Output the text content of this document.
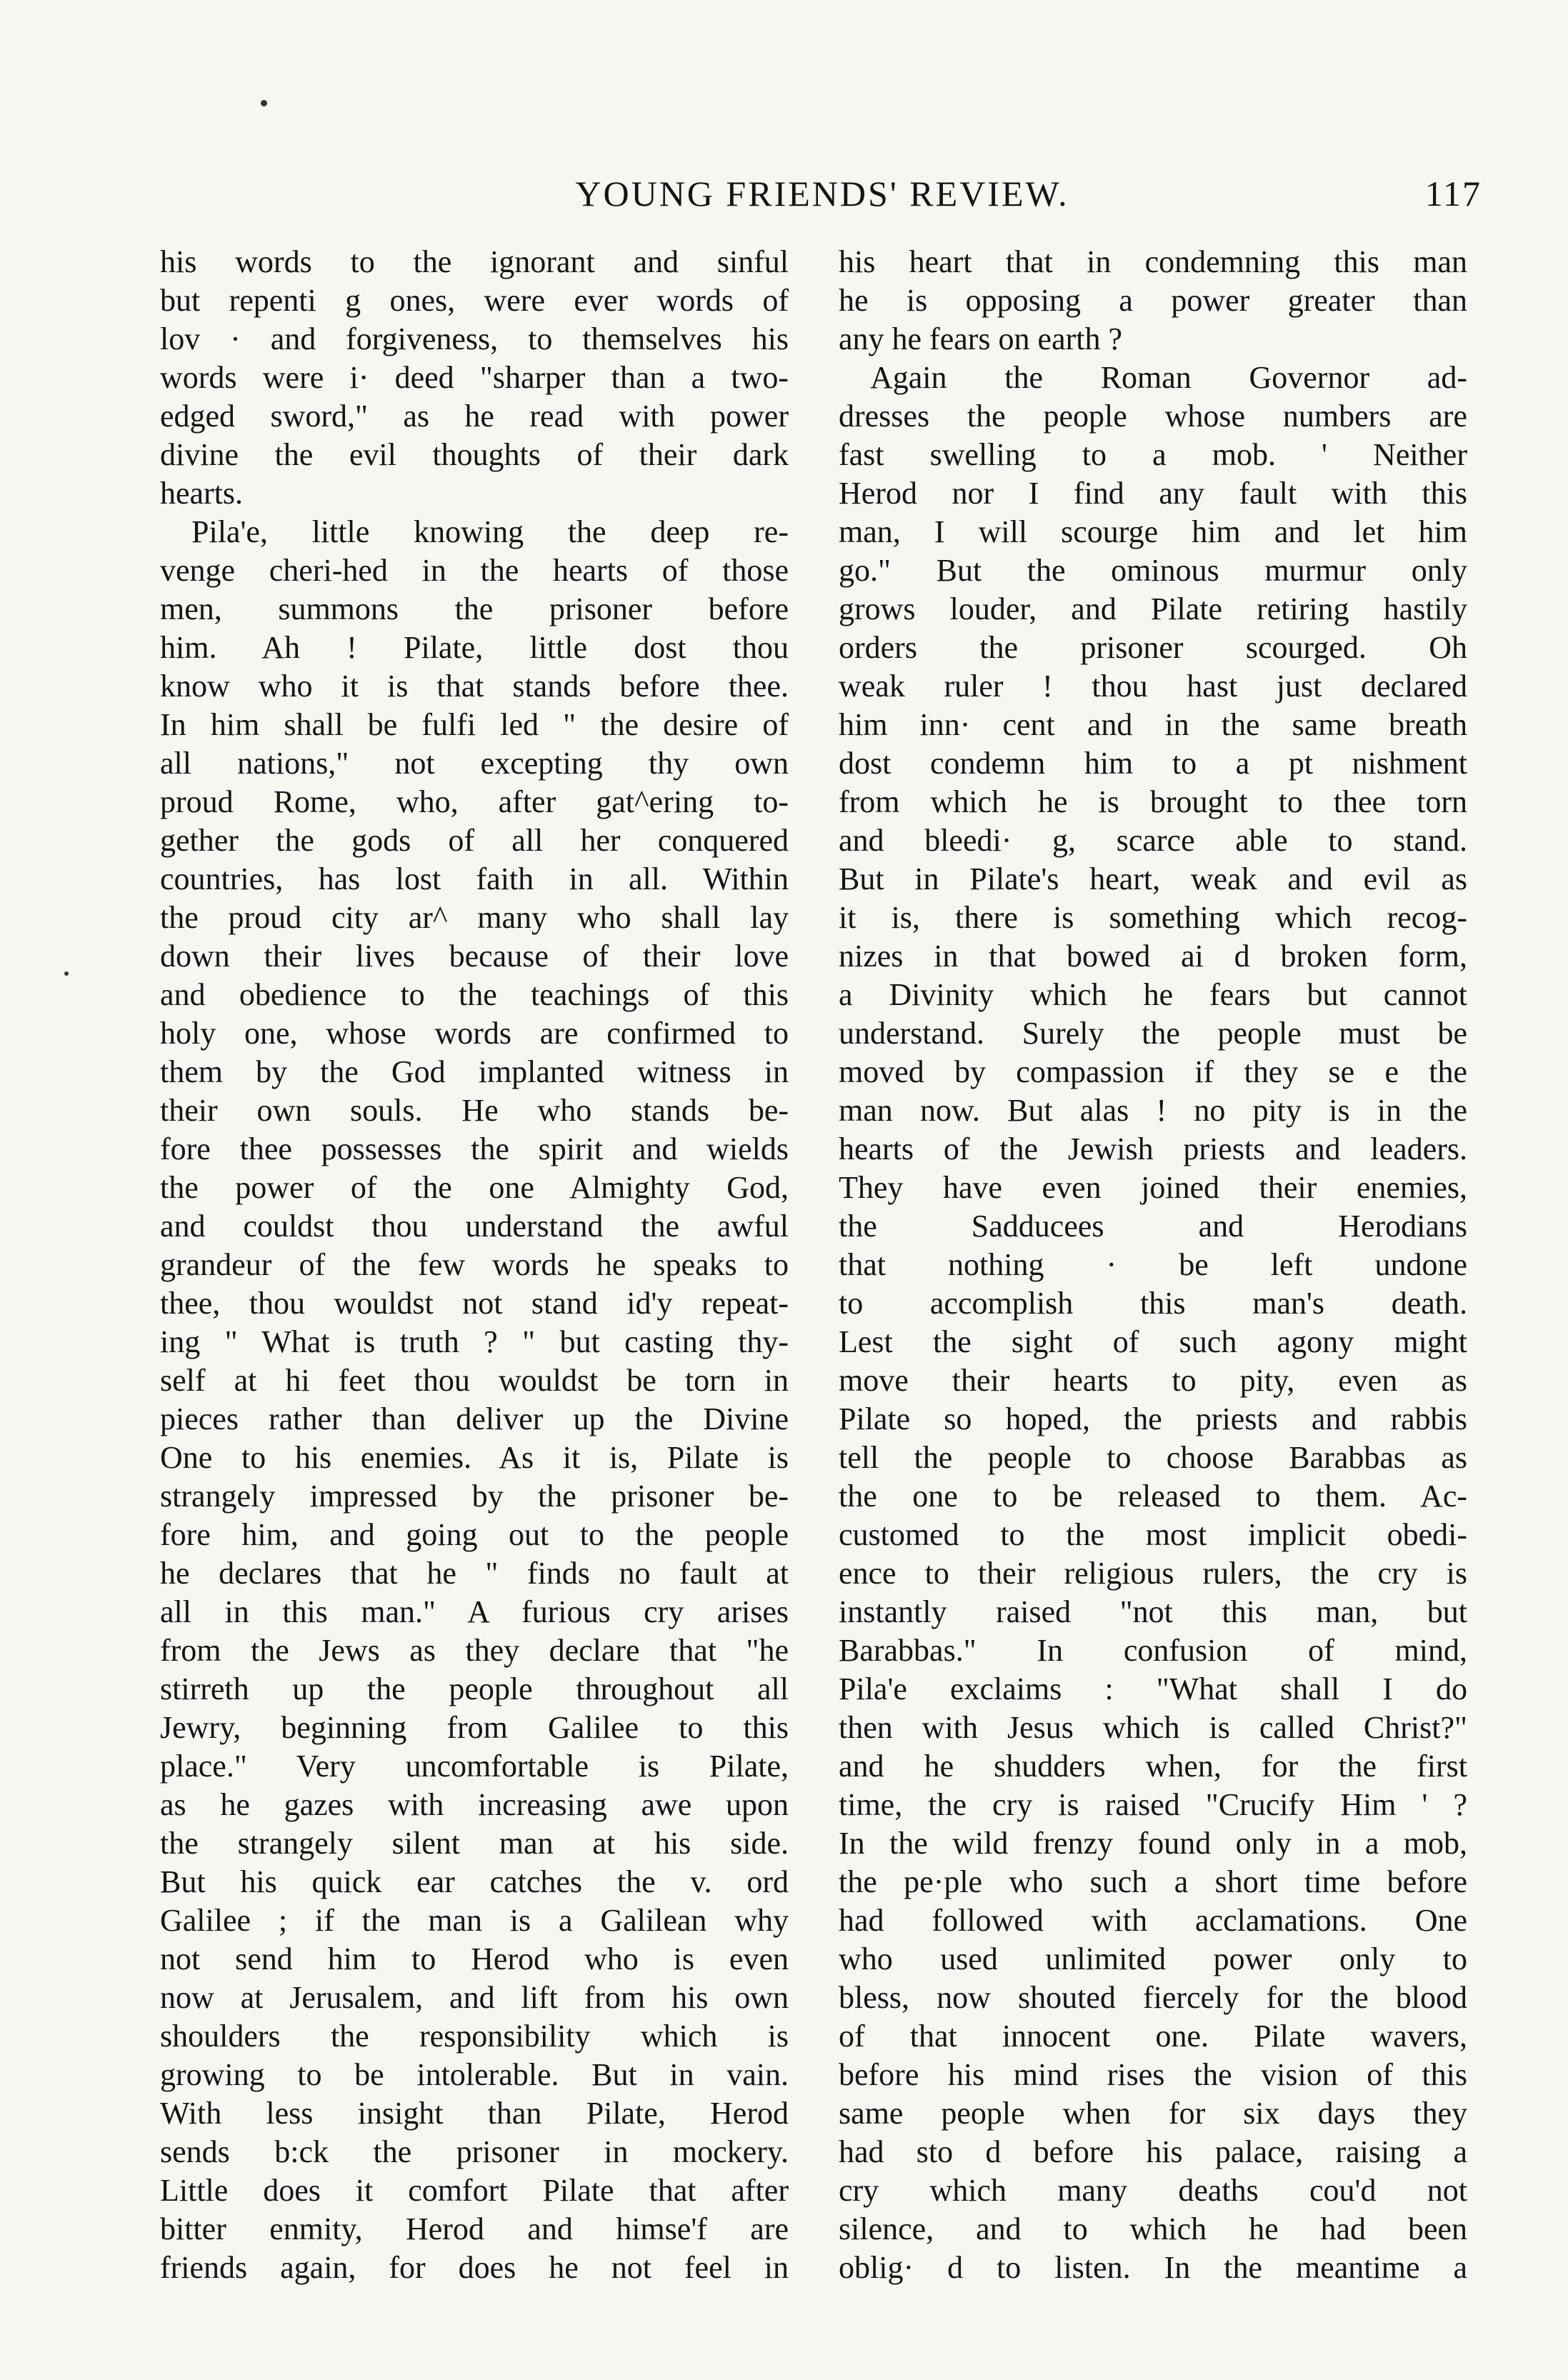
YOUNG FRIENDS' REVIEW.	117
his words to the ignorant and sinful
but repenti g ones, were ever words of
lov · and forgiveness, to themselves his
words were i· deed "sharper than a two-
edged sword," as he read with power
divine the evil thoughts of their dark
hearts.
Pila'e, little knowing the deep re-
venge cheri-hed in the hearts of those
men, summons the prisoner before
him. Ah ! Pilate, little dost thou
know who it is that stands before thee.
In him shall be fulfi led " the desire of
all nations," not excepting thy own
proud Rome, who, after gat^ering to-
gether the gods of all her conquered
countries, has lost faith in all. Within
the proud city ar^ many who shall lay
down their lives because of their love
and obedience to the teachings of this
holy one, whose words are confirmed to
them by the God implanted witness in
their own souls. He who stands be-
fore thee possesses the spirit and wields
the power of the one Almighty God,
and couldst thou understand the awful
grandeur of the few words he speaks to
thee, thou wouldst not stand id'y repeat-
ing " What is truth ? " but casting thy-
self at hi feet thou wouldst be torn in
pieces rather than deliver up the Divine
One to his enemies. As it is, Pilate is
strangely impressed by the prisoner be-
fore him, and going out to the people
he declares that he " finds no fault at
all in this man." A furious cry arises
from the Jews as they declare that "he
stirreth up the people throughout all
Jewry, beginning from Galilee to this
place." Very uncomfortable is Pilate,
as he gazes with increasing awe upon
the strangely silent man at his side.
But his quick ear catches the v. ord
Galilee ; if the man is a Galilean why
not send him to Herod who is even
now at Jerusalem, and lift from his own
shoulders the responsibility which is
growing to be intolerable. But in vain.
With less insight than Pilate, Herod
sends b:ck the prisoner in mockery.
Little does it comfort Pilate that after
bitter enmity, Herod and himse'f are
friends again, for does he not feel in
his heart that in condemning this man
he is opposing a power greater than
any he fears on earth ?
Again the Roman Governor ad-
dresses the people whose numbers are
fast swelling to a mob. ' Neither
Herod nor I find any fault with this
man, I will scourge him and let him
go." But the ominous murmur only
grows louder, and Pilate retiring hastily
orders the prisoner scourged. Oh
weak ruler ! thou hast just declared
him inn· cent and in the same breath
dost condemn him to a pt nishment
from which he is brought to thee torn
and bleedi· g, scarce able to stand.
But in Pilate's heart, weak and evil as
it is, there is something which recog-
nizes in that bowed ai d broken form,
a Divinity which he fears but cannot
understand. Surely the people must be
moved by compassion if they se e the
man now. But alas ! no pity is in the
hearts of the Jewish priests and leaders.
They have even joined their enemies,
the Sadducees and Herodians
that nothing · be left undone
to accomplish this man's death.
Lest the sight of such agony might
move their hearts to pity, even as
Pilate so hoped, the priests and rabbis
tell the people to choose Barabbas as
the one to be released to them. Ac-
customed to the most implicit obedi-
ence to their religious rulers, the cry is
instantly raised "not this man, but
Barabbas." In confusion of mind,
Pila'e exclaims : "What shall I do
then with Jesus which is called Christ?"
and he shudders when, for the first
time, the cry is raised "Crucify Him ' ?
In the wild frenzy found only in a mob,
the pe·ple who such a short time before
had followed with acclamations. One
who used unlimited power only to
bless, now shouted fiercely for the blood
of that innocent one. Pilate wavers,
before his mind rises the vision of this
same people when for six days they
had sto d before his palace, raising a
cry which many deaths cou'd not
silence, and to which he had been
oblig· d to listen. In the meantime a
